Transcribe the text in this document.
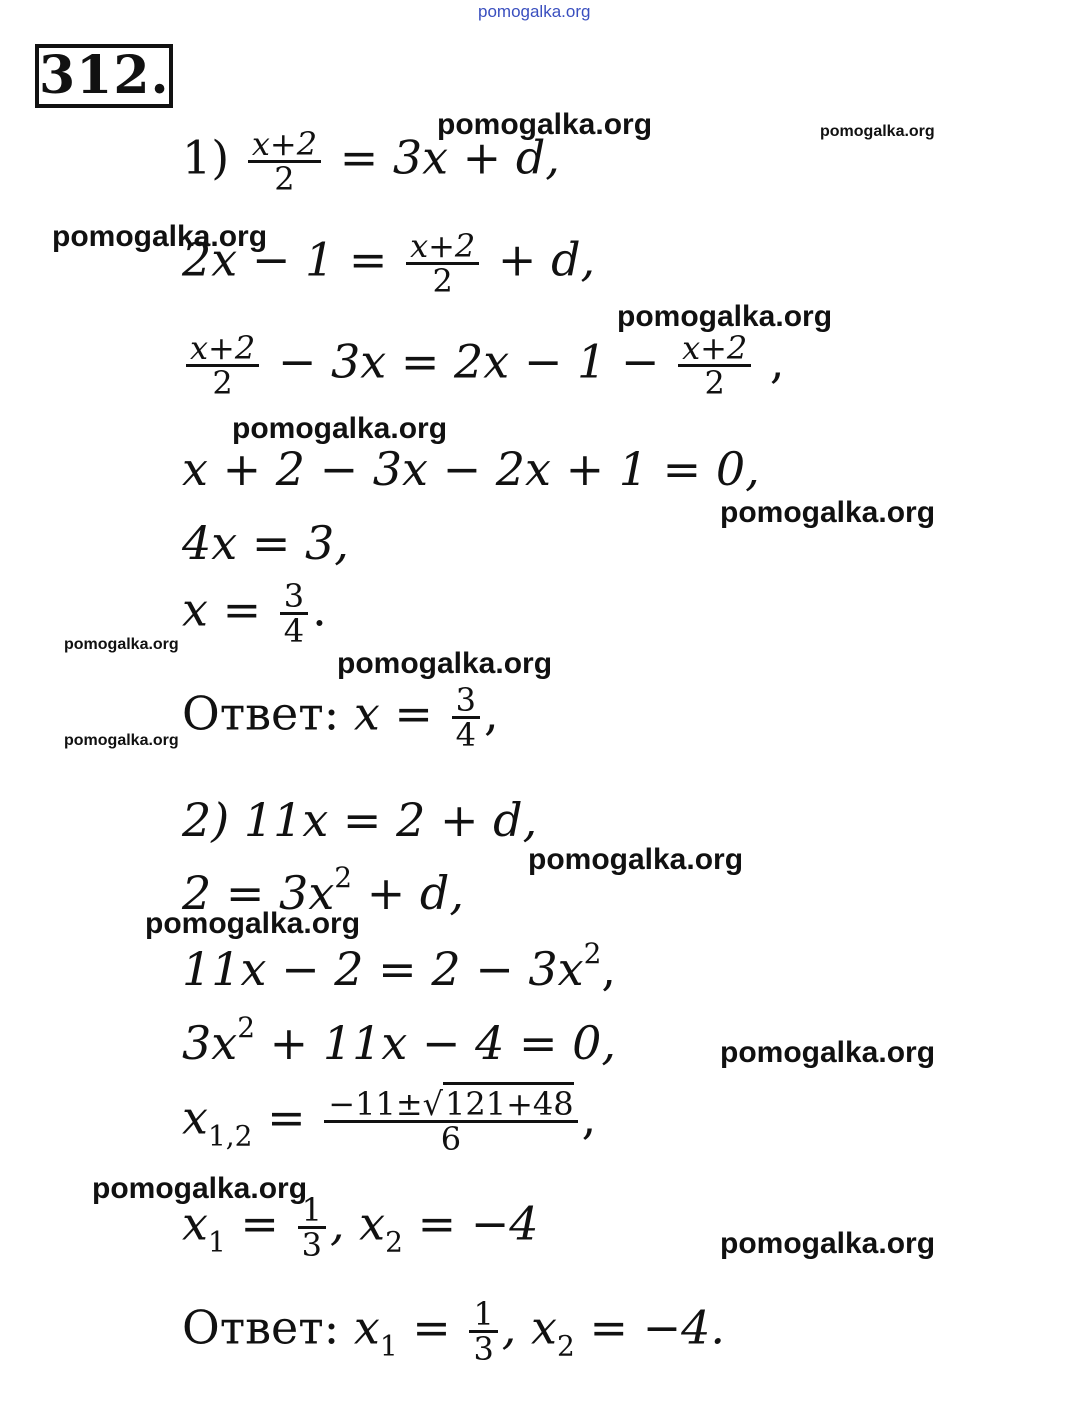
pomogalka.org
pomogalka.org	pomogalka.org
pomogalka.org
pomogalka.org
pomogalka.org
pomogalka.org
pomogalka.org
pomogalka.org
pomogalka.org
pomogalka.org
pomogalka.org
pomogalka.org
pomogalka.org
pomogalka.org
312.
$1) \frac{x+2}{2} = 3x + d$,
$2x - 1 = \frac{x+2}{2} + d$,
$\frac{x+2}{2} - 3x = 2x - 1 - \frac{x+2}{2}$ ,
x + 2 − 3x − 2x + 1 = 0,
4x = 3,
$x = \frac{3}{4}$ .
Ответ: $x = \frac{3}{4}$ ,
2) 11x = 2 + d,
$2 = 3x^2 + d$,
$11x - 2 = 2 - 3x^2$,
$3x^2 + 11x - 4 = 0$,
$x_{1,2} = \frac{-11\pm√121+48}{6}$ ,
$x_1 = \frac{1}{3}$ , $x_2 = -4$
Ответ: $x_1 = \frac{1}{3}$ , $x_2 = -4$.
